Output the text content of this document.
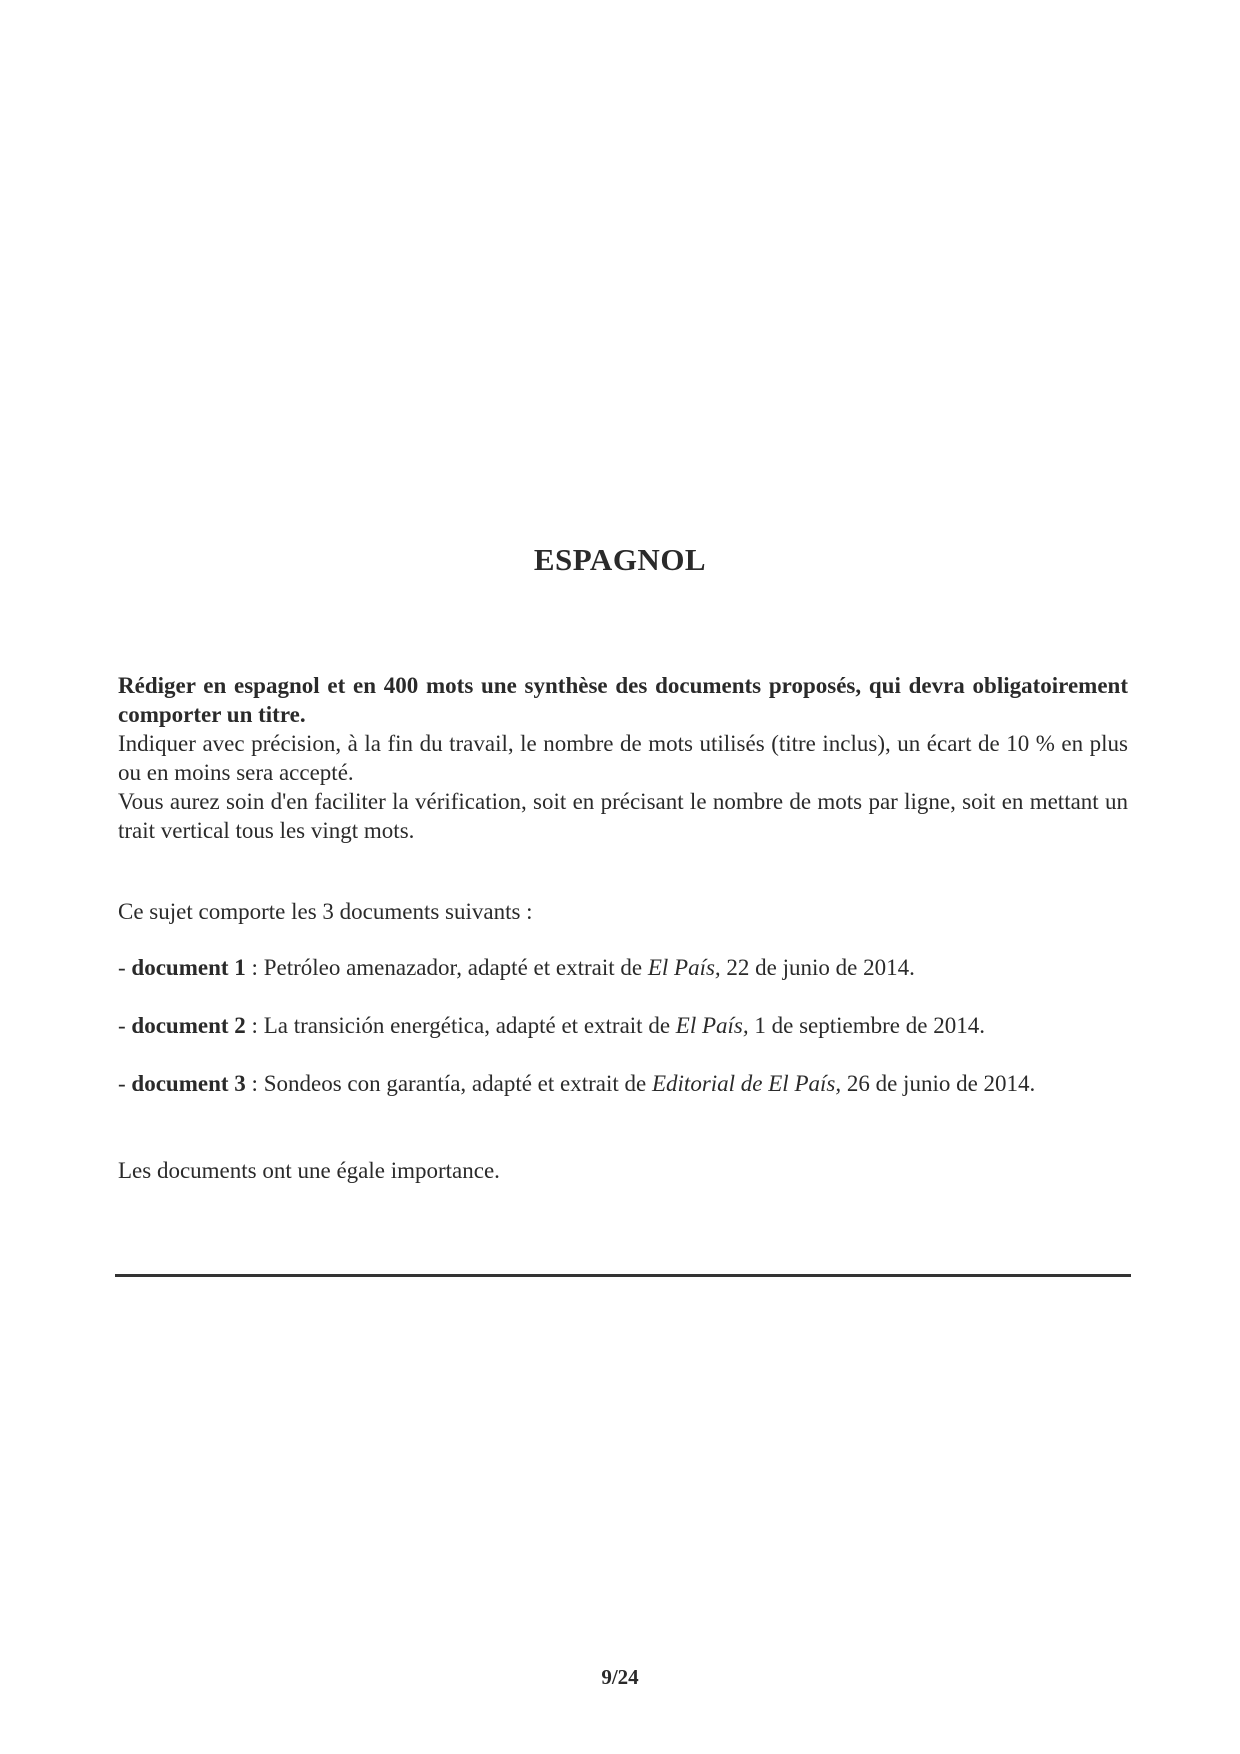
ESPAGNOL

Rédiger en espagnol et en 400 mots une synthèse des documents proposés, qui devra obligatoirement comporter un titre.

Indiquer avec précision, à la fin du travail, le nombre de mots utilisés (titre inclus), un écart de 10 % en plus ou en moins sera accepté.

Vous aurez soin d'en faciliter la vérification, soit en précisant le nombre de mots par ligne, soit en mettant un trait vertical tous les vingt mots.

Ce sujet comporte les 3 documents suivants :
- document 1 : Petróleo amenazador, adapté et extrait de El País, 22 de junio de 2014.
- document 2 : La transición energética, adapté et extrait de El País, 1 de septiembre de 2014.
- document 3 : Sondeos con garantía, adapté et extrait de Editorial de El País, 26 de junio de 2014.
Les documents ont une égale importance.
9/24
